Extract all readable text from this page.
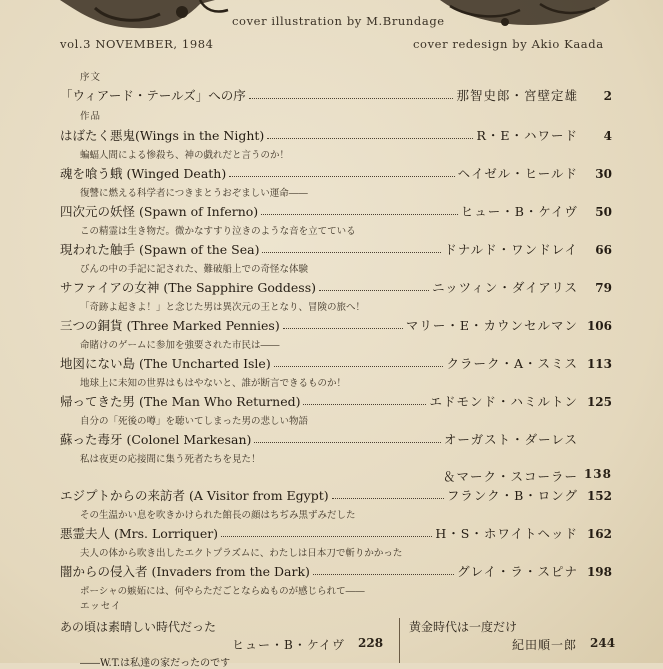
cover illustration by M.Brundage
vol.3 NOVEMBER, 1984	cover redesign by Akio Kaada
序文
「ウィアード・テールズ」への序	那智史郎・宮壁定雄	2
作品
はばたく悪鬼(Wings in the Night)	R・E・ハワード	4
蝙蝠人間による惨殺ち、神の戯れだと言うのか！
魂を喰う蛾 (Winged Death)	ヘイゼル・ヒールド	30
復讐に燃える科学者につきまとうおぞましい運命――
四次元の妖怪 (Spawn of Inferno)	ヒュー・B・ケイヴ	50
この精霊は生き物だ。微かなすすり泣きのような音を立てている
現われた触手 (Spawn of the Sea)	ドナルド・ワンドレイ	66
びんの中の手記に記された、難破船上での奇怪な体験
サファイアの女神 (The Sapphire Goddess)	ニッツィン・ダイアリス	79
「奇跡よ起きよ！」と念じた男は異次元の王となり、冒険の旅へ！
三つの銅貨 (Three Marked Pennies)	マリー・E・カウンセルマン 106
命賭けのゲームに参加を強要された市民は――
地図にない島 (The Uncharted Isle)	クラーク・A・スミス 113
地球上に未知の世界はもはやないと、誰が断言できるものか！
帰ってきた男 (The Man Who Returned)	エドモンド・ハミルトン 125
自分の「死後の噂」を聴いてしまった男の悲しい物語
蘇った毒牙 (Colonel Markesan)	オーガスト・ダーレス
私は夜更の応接間に集う死者たちを見た！
＆マーク・スコーラー 138
エジプトからの来訪者 (A Visitor from Egypt)	フランク・B・ロング 152
その生温かい息を吹きかけられた館長の顔はちぢみ黒ずみだした
悪霊夫人 (Mrs. Lorriquer)	H・S・ホワイトヘッド 162
夫人の体から吹き出したエクトプラズムに、わたしは日本刀で斬りかかった
闇からの侵入者 (Invaders from the Dark)	グレイ・ラ・スピナ 198
ポーシャの嫉妬には、何やらただごとならぬものが感じられて――
エッセイ
あの頃は素晴しい時代だった
ヒュー・B・ケイヴ 228
――W.T.は私達の家だったのです
黄金時代は一度だけ
紀田順一郎 244
